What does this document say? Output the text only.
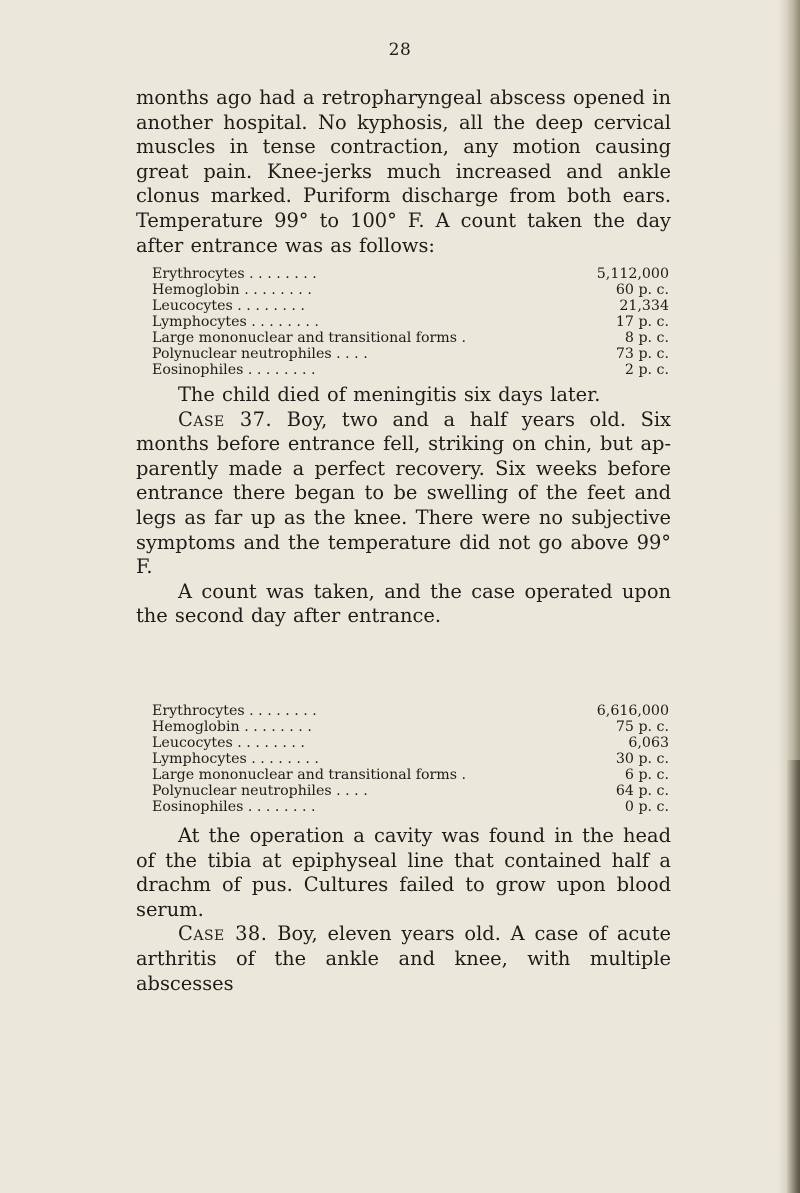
28

months ago had a retropharyngeal abscess opened in another hospital. No kyphosis, all the deep cervical muscles in tense contraction, any motion causing great pain. Knee-jerks much increased and ankle clonus marked. Puriform discharge from both ears. Temperature 99° to 100° F. A count taken the day after entrance was as follows:

Erythrocytes . . . . . . . .	5,112,000
Hemoglobin . . . . . . . .	60 p. c.
Leucocytes . . . . . . . .	21,334
Lymphocytes . . . . . . . .	17 p. c.
Large mononuclear and transitional forms .	8 p. c.
Polynuclear neutrophiles . . . .	73 p. c.
Eosinophiles . . . . . . . .	2 p. c.

The child died of meningitis six days later.

Case 37. Boy, two and a half years old. Six months before entrance fell, striking on chin, but apparently made a perfect recovery. Six weeks before entrance there began to be swelling of the feet and legs as far up as the knee. There were no subjective symptoms and the temperature did not go above 99° F.

A count was taken, and the case operated upon the second day after entrance.

Erythrocytes . . . . . . . .	6,616,000
Hemoglobin . . . . . . . .	75 p. c.
Leucocytes . . . . . . . .	6,063
Lymphocytes . . . . . . . .	30 p. c.
Large mononuclear and transitional forms .	6 p. c.
Polynuclear neutrophiles . . . .	64 p. c.
Eosinophiles . . . . . . . .	0 p. c.

At the operation a cavity was found in the head of the tibia at epiphyseal line that contained half a drachm of pus. Cultures failed to grow upon blood serum.

Case 38. Boy, eleven years old. A case of acute arthritis of the ankle and knee, with multiple abscesses
